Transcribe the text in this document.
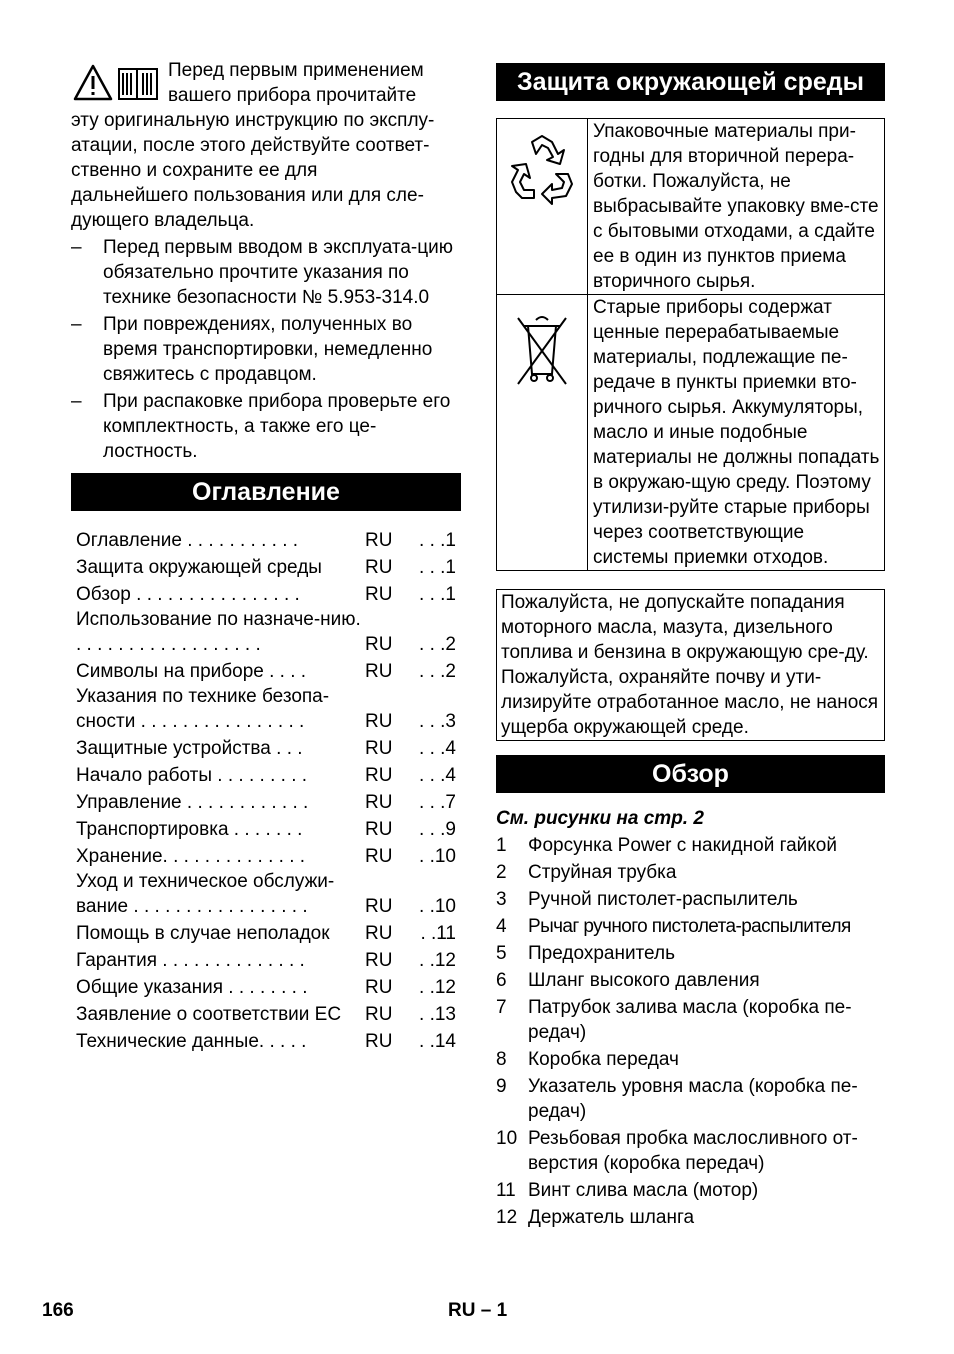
Перед первым применением
вашего прибора прочитайте
эту оригинальную инструкцию по эксплу-
атации, после этого действуйте соответ-
ственно и сохраните ее для
дальнейшего пользования или для сле-
дующего владельца.
– Перед первым вводом в эксплуата-цию обязательно прочтите указания по технике безопасности № 5.953-314.0
– При повреждениях, полученных во время транспортировки, немедленно свяжитесь с продавцом.
– При распаковке прибора проверьте его комплектность, а также его це-лостность.
Оглавление
Оглавление . . . . . . . . . . .	RU	. . .1
Защита окружающей среды	RU	. . .1
Обзор . . . . . . . . . . . . . . . .	RU	. . .1
Использование по назначе-нию. . . . . . . . . . . . . . . . . . .	RU	. . .2
Символы на приборе . . . .	RU	. . .2
Указания по технике безопа-сности . . . . . . . . . . . . . . . .	RU	. . .3
Защитные устройства . . .	RU	. . .4
Начало работы . . . . . . . . .	RU	. . .4
Управление . . . . . . . . . . . .	RU	. . .7
Транспортировка . . . . . . .	RU	. . .9
Хранение. . . . . . . . . . . . . .	RU	. .10
Уход и техническое обслужи-вание . . . . . . . . . . . . . . . . .	RU	. .10
Помощь в случае неполадок	RU	. .11
Гарантия . . . . . . . . . . . . . .	RU	. .12
Общие указания . . . . . . . .	RU	. .12
Заявление о соответствии ЕС	RU	. .13
Технические данные. . . . .	RU	. .14
Защита окружающей среды
	Упаковочные материалы при-годны для вторичной перера-ботки. Пожалуйста, не выбрасывайте упаковку вме-сте с бытовыми отходами, а сдайте ее в один из пунктов приема вторичного сырья.
	Старые приборы содержат ценные перерабатываемые материалы, подлежащие пе-редаче в пункты приемки вто-ричного сырья. Аккумуляторы, масло и иные подобные материалы не должны попадать в окружаю-щую среду. Поэтому утилизи-руйте старые приборы через соответствующие системы приемки отходов.
Пожалуйста, не допускайте попадания моторного масла, мазута, дизельного топлива и бензина в окружающую сре-ду. Пожалуйста, охраняйте почву и ути-лизируйте отработанное масло, не нанося ущерба окружающей среде.
Обзор
См. рисунки на стр. 2
1	Форсунка Power с накидной гайкой
2	Струйная трубка
3	Ручной пистолет-распылитель
4	Рычаг ручного пистолета-распылителя
5	Предохранитель
6	Шланг высокого давления
7	Патрубок залива масла (коробка пе-редач)
8	Коробка передач
9	Указатель уровня масла (коробка пе-редач)
10 Резьбовая пробка маслосливного от-верстия (коробка передач)
11 Винт слива масла (мотор)
12 Держатель шланга
166	RU – 1
